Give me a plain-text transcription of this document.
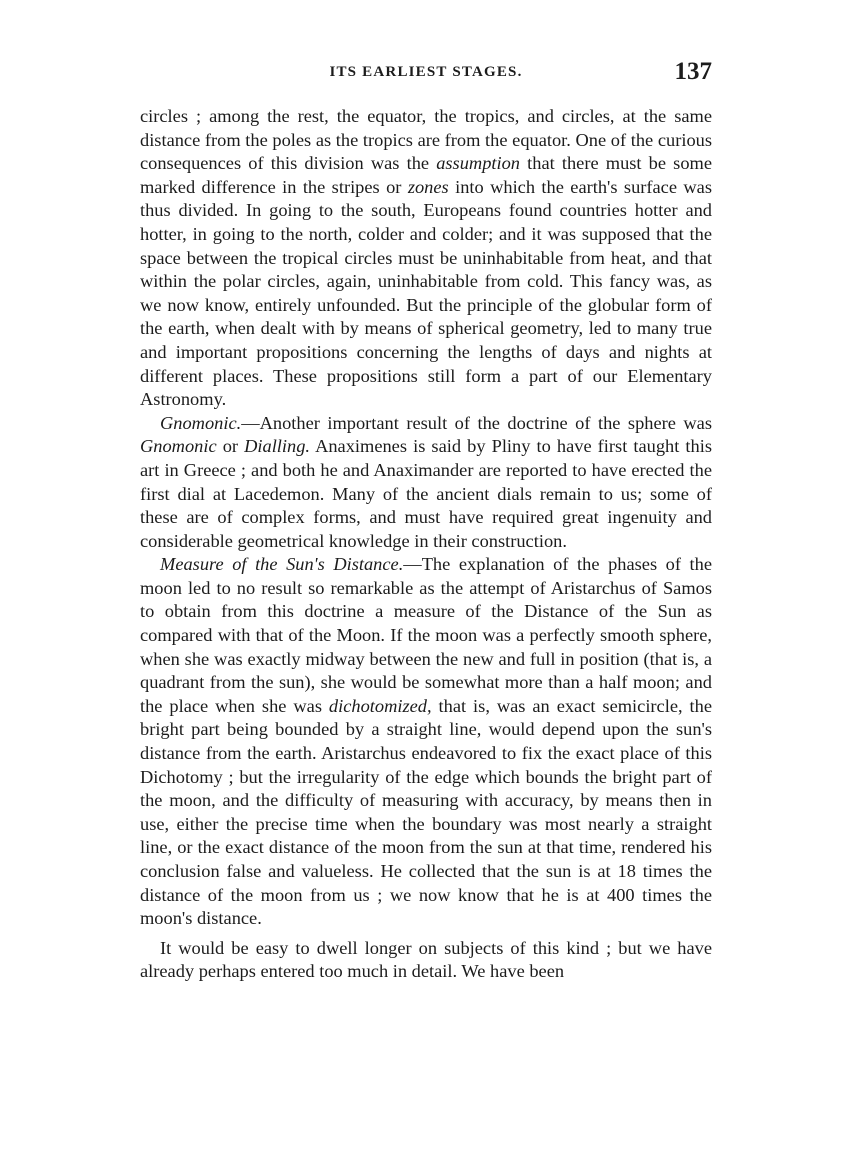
ITS EARLIEST STAGES.	137

circles ; among the rest, the equator, the tropics, and circles, at the same distance from the poles as the tropics are from the equator. One of the curious consequences of this division was the assumption that there must be some marked difference in the stripes or zones into which the earth's surface was thus divided. In going to the south, Europeans found countries hotter and hotter, in going to the north, colder and colder; and it was supposed that the space between the tropical circles must be uninhabitable from heat, and that within the polar circles, again, uninhabitable from cold. This fancy was, as we now know, entirely unfounded. But the principle of the globular form of the earth, when dealt with by means of spherical geometry, led to many true and important propositions concerning the lengths of days and nights at different places. These propositions still form a part of our Elementary Astronomy.

Gnomonic.—Another important result of the doctrine of the sphere was Gnomonic or Dialling. Anaximenes is said by Pliny to have first taught this art in Greece ; and both he and Anaximander are reported to have erected the first dial at Lacedemon. Many of the ancient dials remain to us; some of these are of complex forms, and must have required great ingenuity and considerable geometrical knowledge in their construction.

Measure of the Sun's Distance.—The explanation of the phases of the moon led to no result so remarkable as the attempt of Aristarchus of Samos to obtain from this doctrine a measure of the Distance of the Sun as compared with that of the Moon. If the moon was a perfectly smooth sphere, when she was exactly midway between the new and full in position (that is, a quadrant from the sun), she would be somewhat more than a half moon; and the place when she was dichotomized, that is, was an exact semicircle, the bright part being bounded by a straight line, would depend upon the sun's distance from the earth. Aristarchus endeavored to fix the exact place of this Dichotomy ; but the irregularity of the edge which bounds the bright part of the moon, and the difficulty of measuring with accuracy, by means then in use, either the precise time when the boundary was most nearly a straight line, or the exact distance of the moon from the sun at that time, rendered his conclusion false and valueless. He collected that the sun is at 18 times the distance of the moon from us ; we now know that he is at 400 times the moon's distance.

It would be easy to dwell longer on subjects of this kind ; but we have already perhaps entered too much in detail. We have been
